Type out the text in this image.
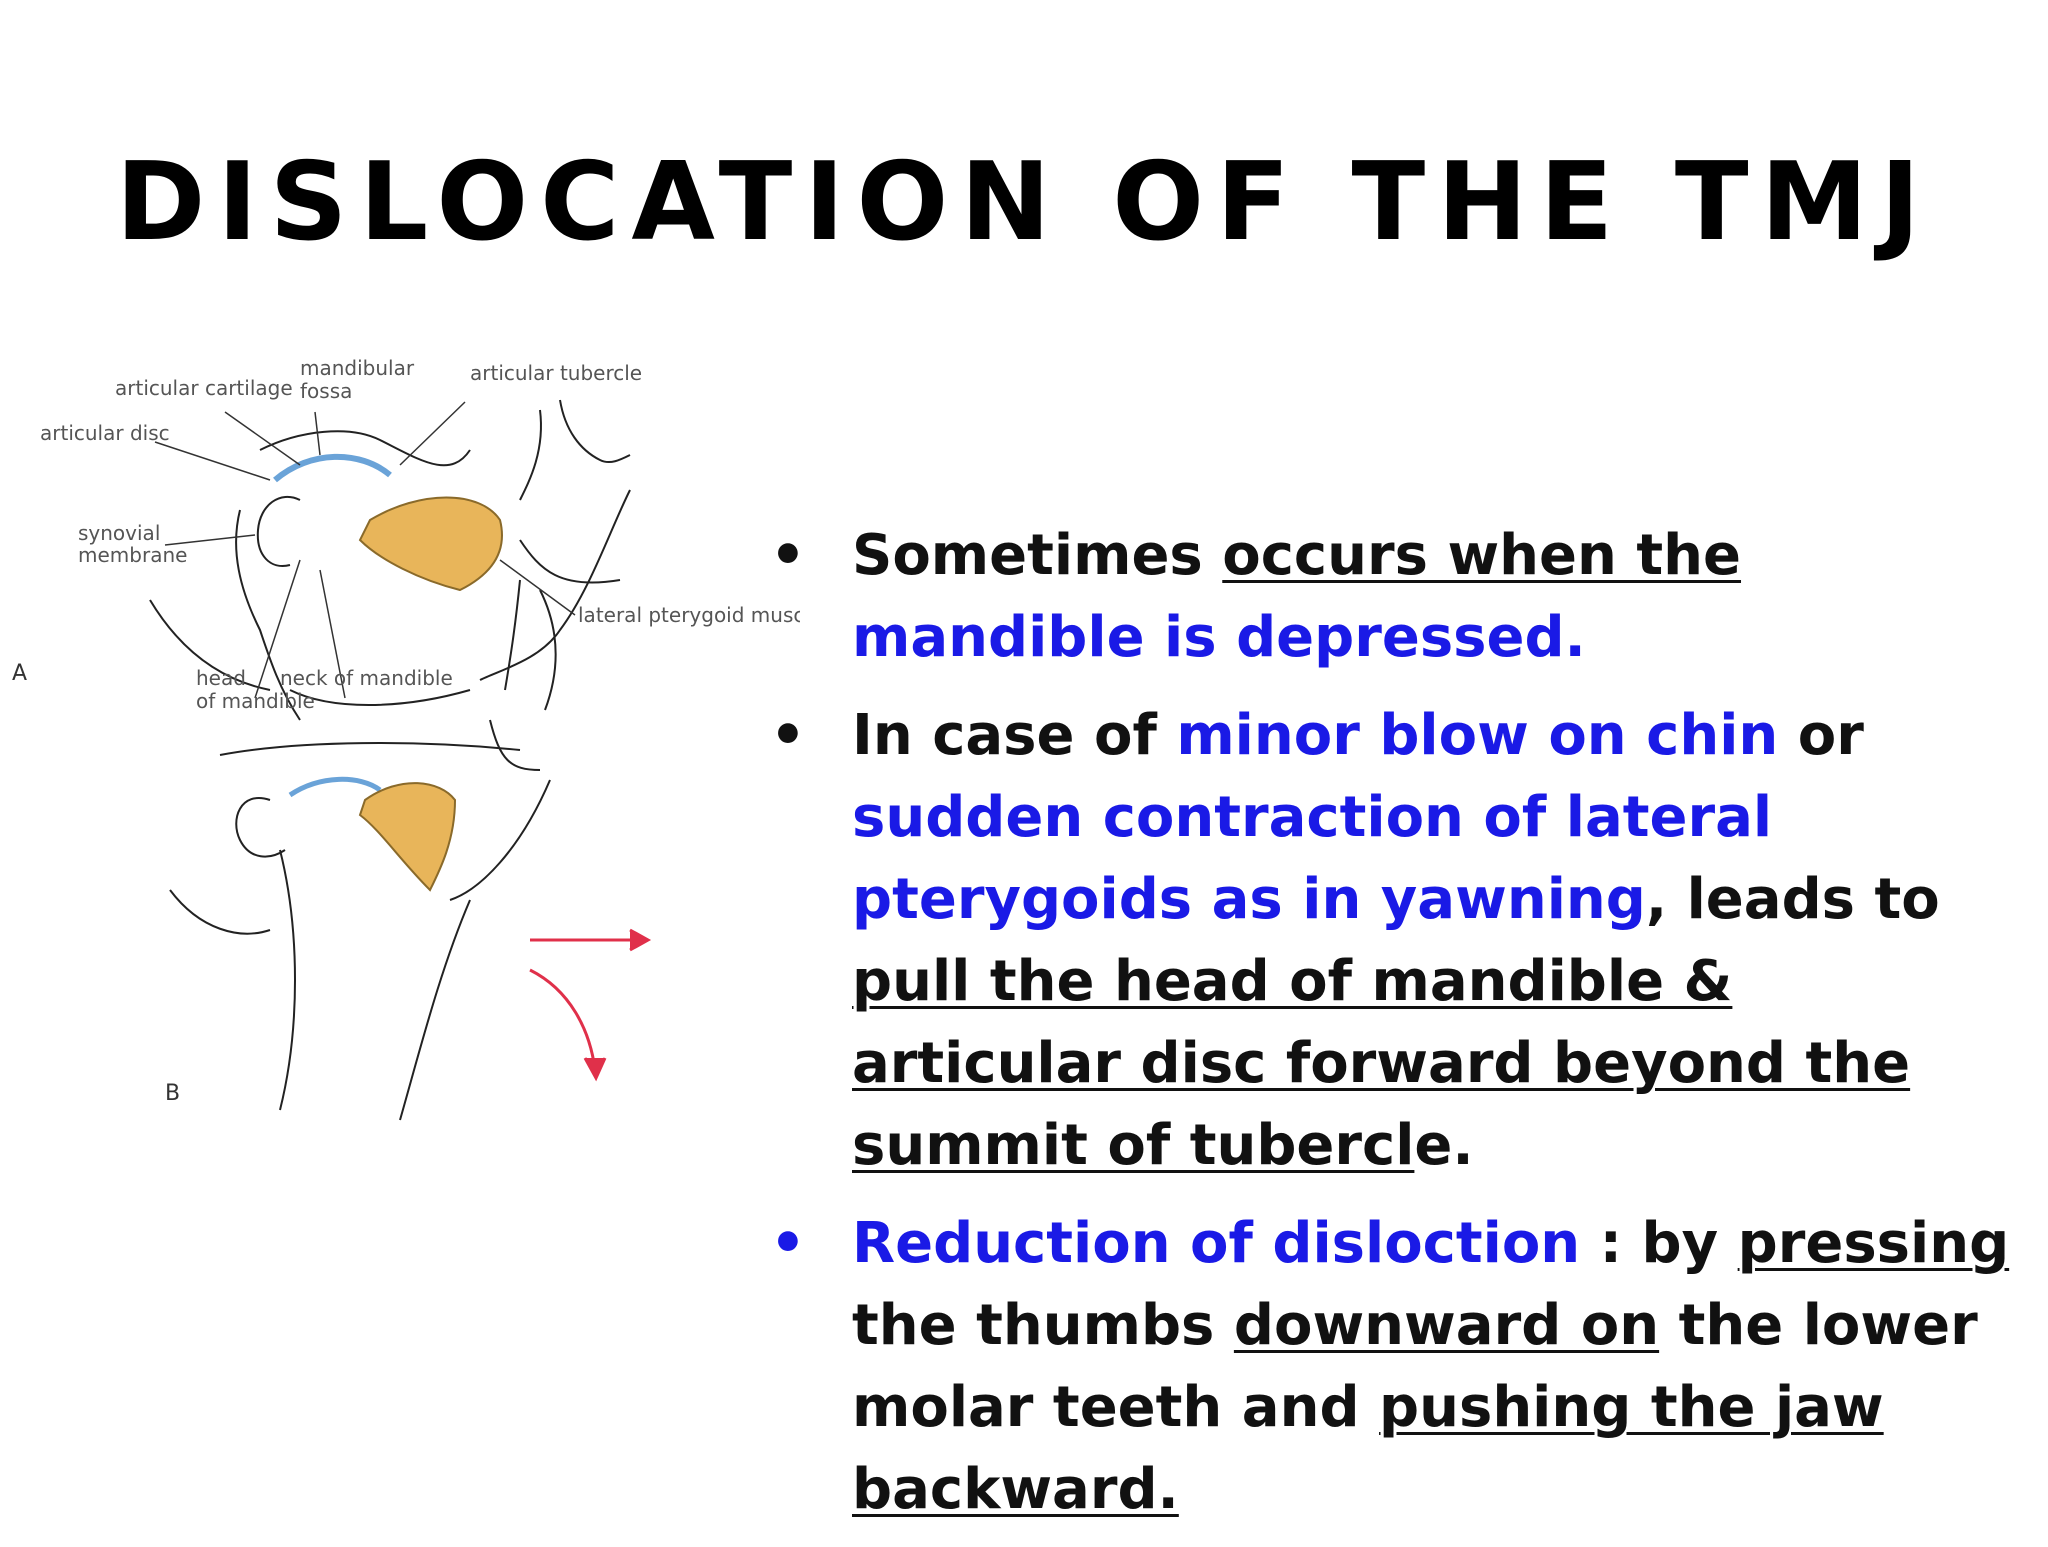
DISLOCATION OF THE TMJ
articular cartilage
mandibular
fossa
articular tubercle
articular disc
synovial
membrane
lateral pterygoid muscle
head
of mandible
neck of mandible
A
B
• Sometimes occurs when the mandible is depressed.
• In case of minor blow on chin or sudden contraction of lateral pterygoids as in yawning, leads to pull the head of mandible & articular disc forward beyond the summit of tubercle.
• Reduction of disloction : by pressing the thumbs downward on the lower molar teeth and pushing the jaw backward.
